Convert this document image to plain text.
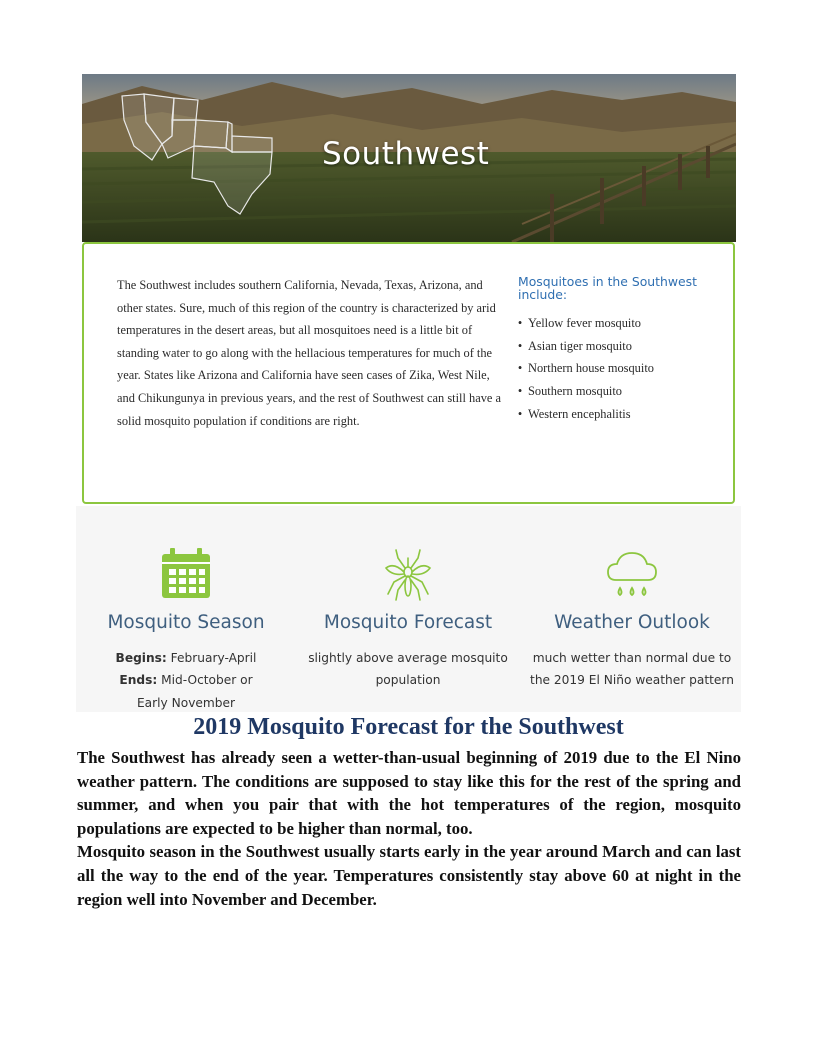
Southwest
The Southwest includes southern California, Nevada, Texas, Arizona, and other states. Sure, much of this region of the country is characterized by arid temperatures in the desert areas, but all mosquitoes need is a little bit of standing water to go along with the hellacious temperatures for much of the year. States like Arizona and California have seen cases of Zika, West Nile, and Chikungunya in previous years, and the rest of Southwest can still have a solid mosquito population if conditions are right.
Mosquitoes in the Southwest include:
• Yellow fever mosquito
• Asian tiger mosquito
• Northern house mosquito
• Southern mosquito
• Western encephalitis
Mosquito Season
Begins: February-April
Ends: Mid-October or Early November
Mosquito Forecast
slightly above average mosquito population
Weather Outlook
much wetter than normal due to the 2019 El Niño weather pattern
2019 Mosquito Forecast for the Southwest

The Southwest has already seen a wetter-than-usual beginning of 2019 due to the El Nino weather pattern. The conditions are supposed to stay like this for the rest of the spring and summer, and when you pair that with the hot temperatures of the region, mosquito populations are expected to be higher than normal, too.

Mosquito season in the Southwest usually starts early in the year around March and can last all the way to the end of the year. Temperatures consistently stay above 60 at night in the region well into November and December.
